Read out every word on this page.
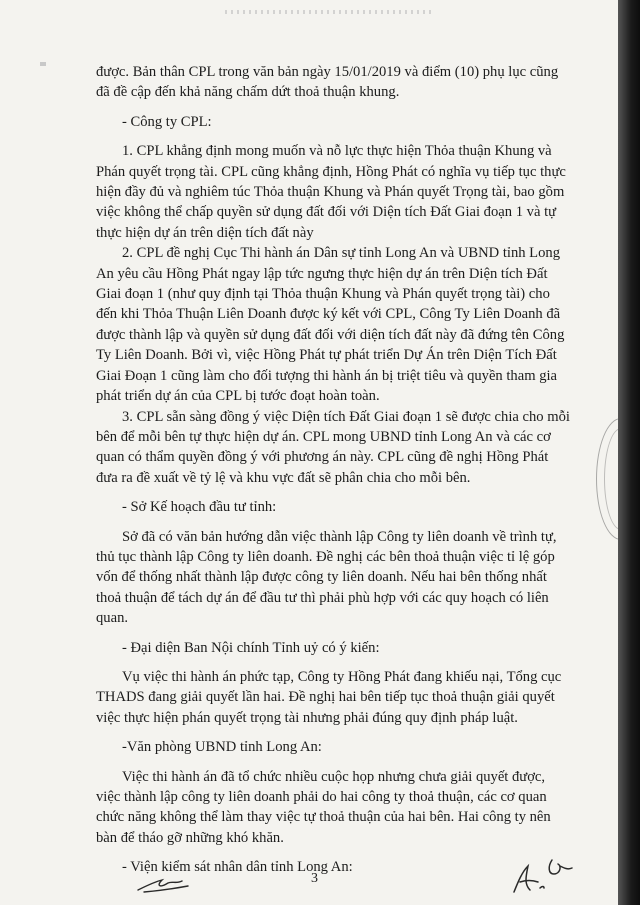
được. Bản thân CPL trong văn bản ngày 15/01/2019 và điểm (10) phụ lục cũng

đã đề cập đến khả năng chấm dứt thoả thuận khung.

- Công ty CPL:

1. CPL khẳng định mong muốn và nỗ lực thực hiện Thỏa thuận Khung và

Phán quyết trọng tài. CPL cũng khẳng định, Hồng Phát có nghĩa vụ tiếp tục thực

hiện đầy đủ và nghiêm túc Thỏa thuận Khung và Phán quyết Trọng tài, bao gồm

việc không thể chấp quyền sử dụng đất đối với Diện tích Đất Giai đoạn 1 và tự

thực hiện dự án trên diện tích đất này

2. CPL đề nghị Cục Thi hành án Dân sự tỉnh Long An và UBND tỉnh Long

An yêu cầu Hồng Phát ngay lập tức ngưng thực hiện dự án trên Diện tích Đất

Giai đoạn 1 (như quy định tại Thỏa thuận Khung và Phán quyết trọng tài) cho

đến khi Thỏa Thuận Liên Doanh được ký kết với CPL, Công Ty Liên Doanh đã

được thành lập và quyền sử dụng đất đối với diện tích đất này đã đứng tên Công

Ty Liên Doanh. Bởi vì, việc Hồng Phát tự phát triển Dự Án trên Diện Tích Đất

Giai Đoạn 1 cũng làm cho đối tượng thi hành án bị triệt tiêu và quyền tham gia

phát triển dự án của CPL bị tước đoạt hoàn toàn.

3. CPL sẵn sàng đồng ý việc Diện tích Đất Giai đoạn 1 sẽ được chia cho mỗi

bên để mỗi bên tự thực hiện dự án. CPL mong UBND tỉnh Long An và các cơ

quan có thẩm quyền đồng ý với phương án này. CPL cũng đề nghị Hồng Phát

đưa ra đề xuất về tỷ lệ và khu vực đất sẽ phân chia cho mỗi bên.

- Sở Kế hoạch đầu tư tỉnh:

Sở đã có văn bản hướng dẫn việc thành lập Công ty liên doanh về trình tự,

thủ tục thành lập Công ty liên doanh. Đề nghị các bên thoả thuận việc tỉ lệ góp

vốn để thống nhất thành lập được công ty liên doanh. Nếu hai bên thống nhất

thoả thuận để tách dự án để đầu tư thì phải phù hợp với các quy hoạch có liên

quan.

- Đại diện Ban Nội chính Tỉnh uỷ có ý kiến:

Vụ việc thi hành án phức tạp, Công ty Hồng Phát đang khiếu nại, Tổng cục

THADS đang giải quyết lần hai. Đề nghị hai bên tiếp tục thoả thuận giải quyết

việc thực hiện phán quyết trọng tài nhưng phải đúng quy định pháp luật.

-Văn phòng UBND tỉnh Long An:

Việc thi hành án đã tổ chức nhiều cuộc họp nhưng chưa giải quyết được,

việc thành lập công ty liên doanh phải do hai công ty thoả thuận, các cơ quan

chức năng không thể làm thay việc tự thoả thuận của hai bên. Hai công ty nên

bàn để tháo gỡ những khó khăn.

- Viện kiểm sát nhân dân tỉnh Long An:

3
